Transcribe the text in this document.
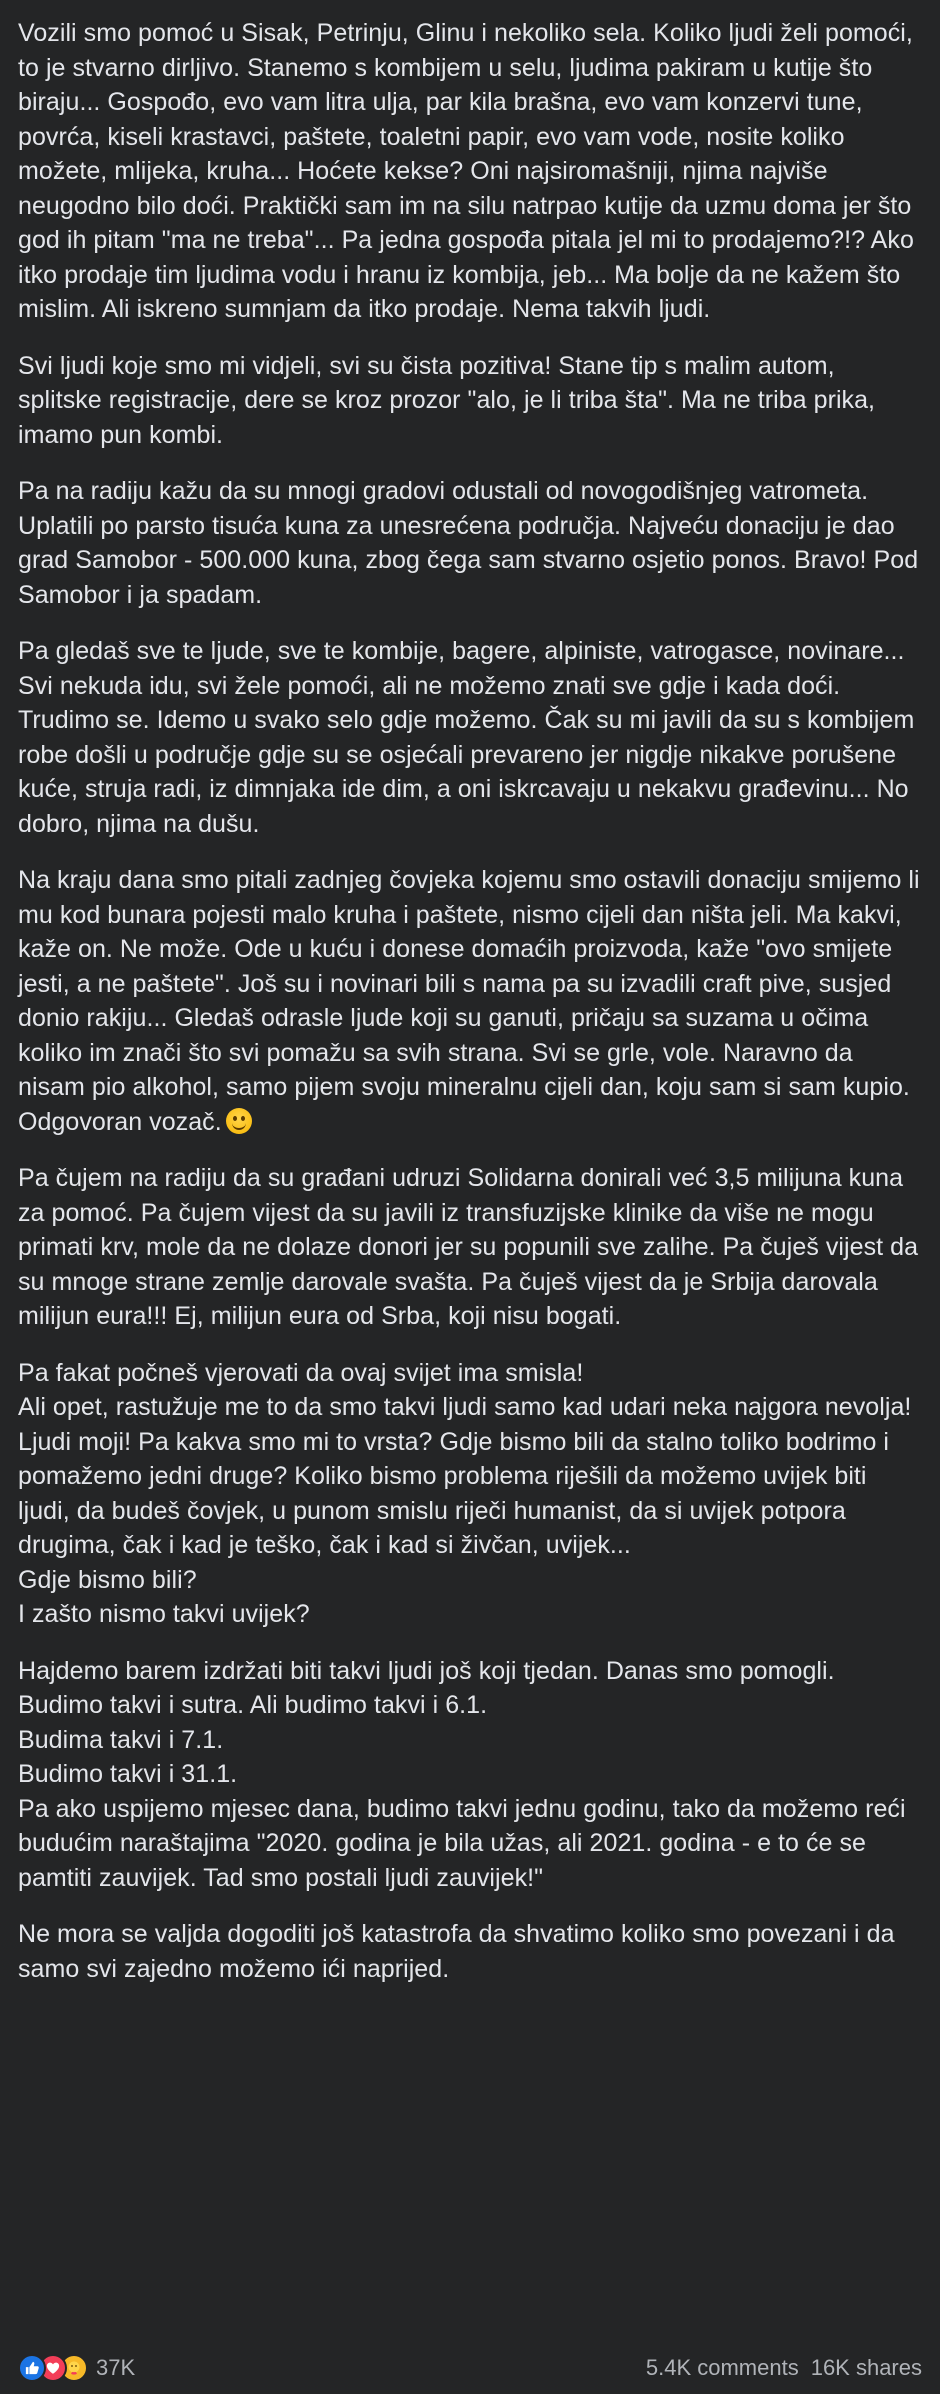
Vozili smo pomoć u Sisak, Petrinju, Glinu i nekoliko sela. Koliko ljudi želi pomoći, to je stvarno dirljivo. Stanemo s kombijem u selu, ljudima pakiram u kutije što biraju... Gospođo, evo vam litra ulja, par kila brašna, evo vam konzervi tune, povrća, kiseli krastavci, paštete, toaletni papir, evo vam vode, nosite koliko možete, mlijeka, kruha... Hoćete kekse? Oni najsiromašniji, njima najviše neugodno bilo doći. Praktički sam im na silu natrpao kutije da uzmu doma jer što god ih pitam "ma ne treba"... Pa jedna gospođa pitala jel mi to prodajemo?!? Ako itko prodaje tim ljudima vodu i hranu iz kombija, jeb... Ma bolje da ne kažem što mislim. Ali iskreno sumnjam da itko prodaje. Nema takvih ljudi.

Svi ljudi koje smo mi vidjeli, svi su čista pozitiva! Stane tip s malim autom, splitske registracije, dere se kroz prozor "alo, je li triba šta". Ma ne triba prika, imamo pun kombi.

Pa na radiju kažu da su mnogi gradovi odustali od novogodišnjeg vatrometa. Uplatili po parsto tisuća kuna za unesrećena područja. Najveću donaciju je dao grad Samobor - 500.000 kuna, zbog čega sam stvarno osjetio ponos. Bravo! Pod Samobor i ja spadam.

Pa gledaš sve te ljude, sve te kombije, bagere, alpiniste, vatrogasce, novinare... Svi nekuda idu, svi žele pomoći, ali ne možemo znati sve gdje i kada doći. Trudimo se. Idemo u svako selo gdje možemo. Čak su mi javili da su s kombijem robe došli u područje gdje su se osjećali prevareno jer nigdje nikakve porušene kuće, struja radi, iz dimnjaka ide dim, a oni iskrcavaju u nekakvu građevinu... No dobro, njima na dušu.

Na kraju dana smo pitali zadnjeg čovjeka kojemu smo ostavili donaciju smijemo li mu kod bunara pojesti malo kruha i paštete, nismo cijeli dan ništa jeli. Ma kakvi, kaže on. Ne može. Ode u kuću i donese domaćih proizvoda, kaže "ovo smijete jesti, a ne paštete". Još su i novinari bili s nama pa su izvadili craft pive, susjed donio rakiju... Gledaš odrasle ljude koji su ganuti, pričaju sa suzama u očima koliko im znači što svi pomažu sa svih strana. Svi se grle, vole. Naravno da nisam pio alkohol, samo pijem svoju mineralnu cijeli dan, koju sam si sam kupio. Odgovoran vozač.

Pa čujem na radiju da su građani udruzi Solidarna donirali već 3,5 milijuna kuna za pomoć. Pa čujem vijest da su javili iz transfuzijske klinike da više ne mogu primati krv, mole da ne dolaze donori jer su popunili sve zalihe. Pa čuješ vijest da su mnoge strane zemlje darovale svašta. Pa čuješ vijest da je Srbija darovala milijun eura!!! Ej, milijun eura od Srba, koji nisu bogati.

Pa fakat počneš vjerovati da ovaj svijet ima smisla!
Ali opet, rastužuje me to da smo takvi ljudi samo kad udari neka najgora nevolja!
Ljudi moji! Pa kakva smo mi to vrsta? Gdje bismo bili da stalno toliko bodrimo i pomažemo jedni druge? Koliko bismo problema riješili da možemo uvijek biti ljudi, da budeš čovjek, u punom smislu riječi humanist, da si uvijek potpora drugima, čak i kad je teško, čak i kad si živčan, uvijek...
Gdje bismo bili?
I zašto nismo takvi uvijek?

Hajdemo barem izdržati biti takvi ljudi još koji tjedan. Danas smo pomogli. Budimo takvi i sutra. Ali budimo takvi i 6.1.
Budima takvi i 7.1.
Budimo takvi i 31.1.
Pa ako uspijemo mjesec dana, budimo takvi jednu godinu, tako da možemo reći budućim naraštajima "2020. godina je bila užas, ali 2021. godina - e to će se pamtiti zauvijek. Tad smo postali ljudi zauvijek!"

Ne mora se valjda dogoditi još katastrofa da shvatimo koliko smo povezani i da samo svi zajedno možemo ići naprijed.

37K	5.4K comments 16K shares
